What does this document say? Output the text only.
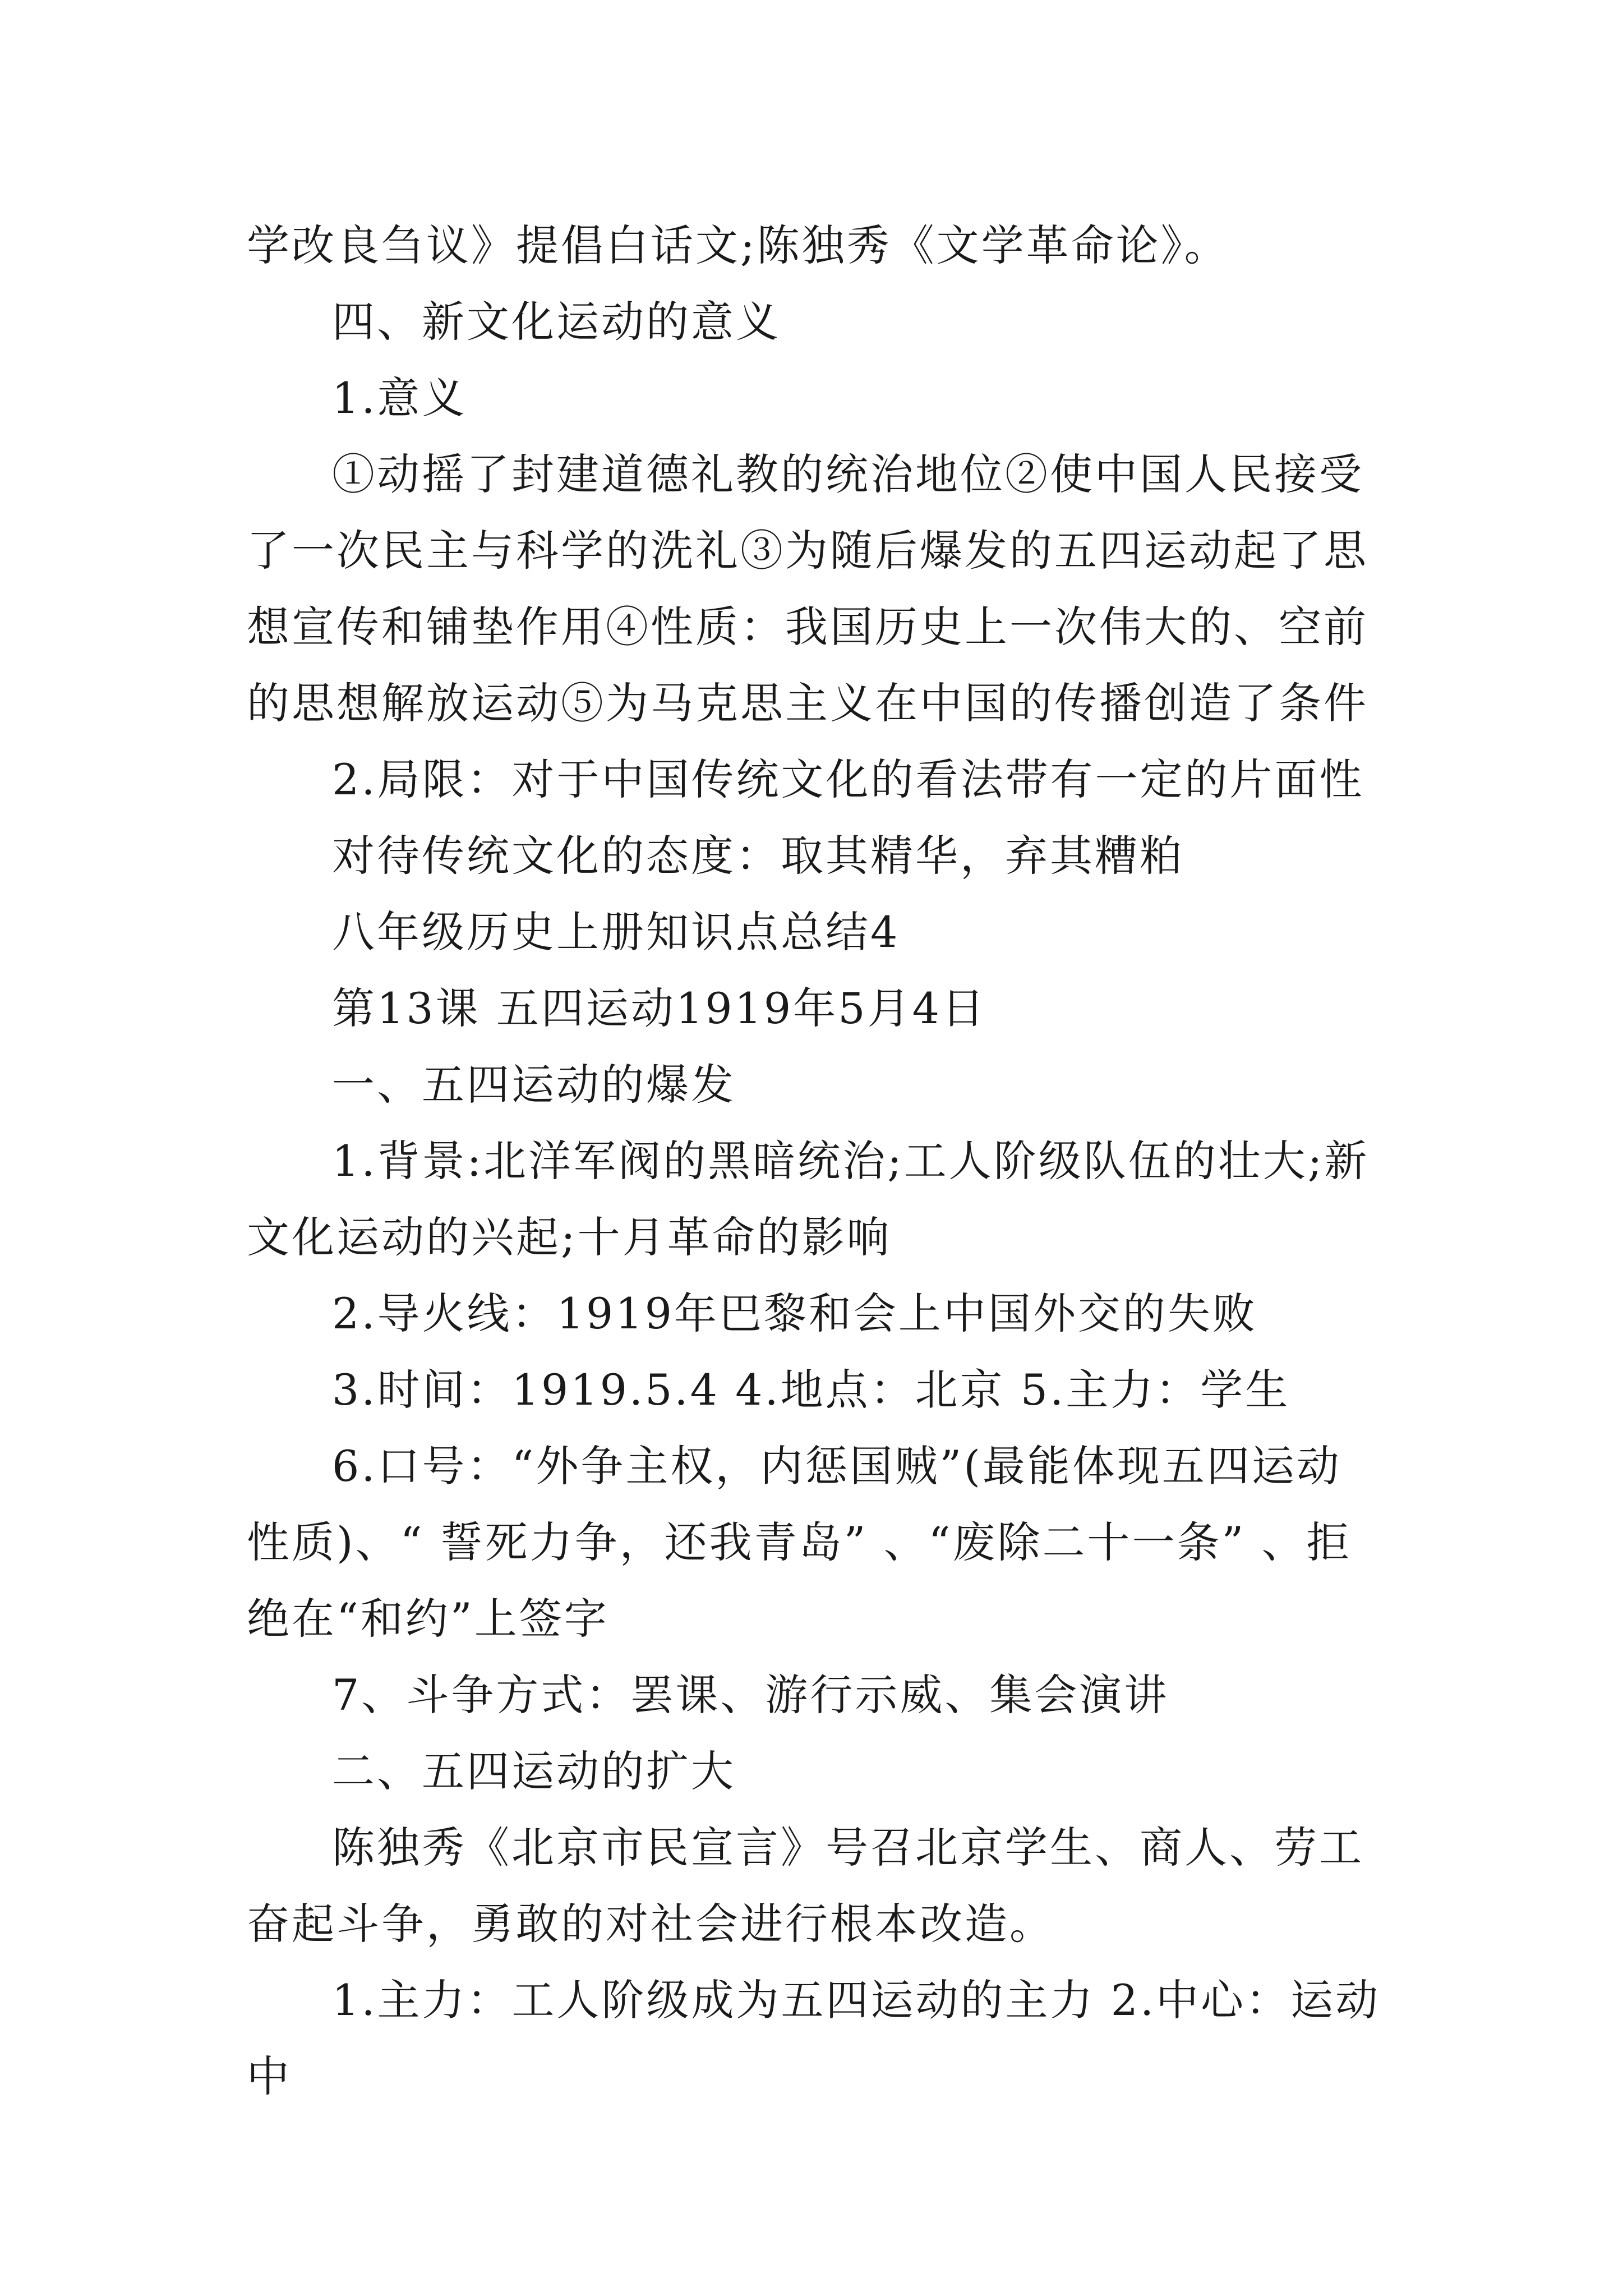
学改良刍议》提倡白话文;陈独秀《文学革命论》。

四、新文化运动的意义

1.意义

①动摇了封建道德礼教的统治地位②使中国人民接受了一次民主与科学的洗礼③为随后爆发的五四运动起了思想宣传和铺垫作用④性质：我国历史上一次伟大的、空前的思想解放运动⑤为马克思主义在中国的传播创造了条件

2.局限：对于中国传统文化的看法带有一定的片面性

对待传统文化的态度：取其精华，弃其糟粕

八年级历史上册知识点总结4

第13课 五四运动1919年5月4日

一、五四运动的爆发

1.背景:北洋军阀的黑暗统治;工人阶级队伍的壮大;新文化运动的兴起;十月革命的影响

2.导火线：1919年巴黎和会上中国外交的失败

3.时间：1919.5.4 4.地点：北京 5.主力：学生

6.口号：“外争主权，内惩国贼”(最能体现五四运动性质)、“ 誓死力争，还我青岛” 、“废除二十一条” 、拒绝在“和约”上签字

7、斗争方式：罢课、游行示威、集会演讲

二、五四运动的扩大

陈独秀《北京市民宣言》号召北京学生、商人、劳工奋起斗争，勇敢的对社会进行根本改造。

1.主力：工人阶级成为五四运动的主力 2.中心：运动中
